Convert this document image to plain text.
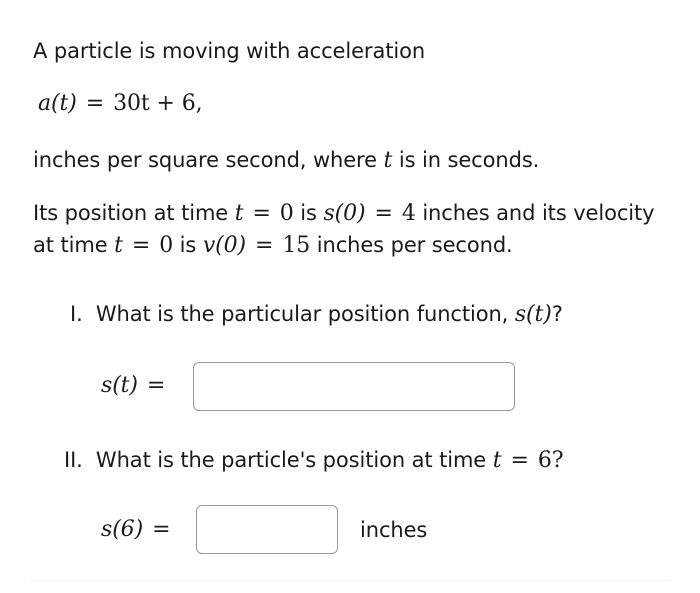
A particle is moving with acceleration
a(t) = 30t + 6,
inches per square second, where t is in seconds.
Its position at time t = 0 is s(0) = 4 inches and its velocity
at time t = 0 is v(0) = 15 inches per second.
I. What is the particular position function, s(t)?
s(t) =
II. What is the particle's position at time t = 6?
s(6) =	inches
